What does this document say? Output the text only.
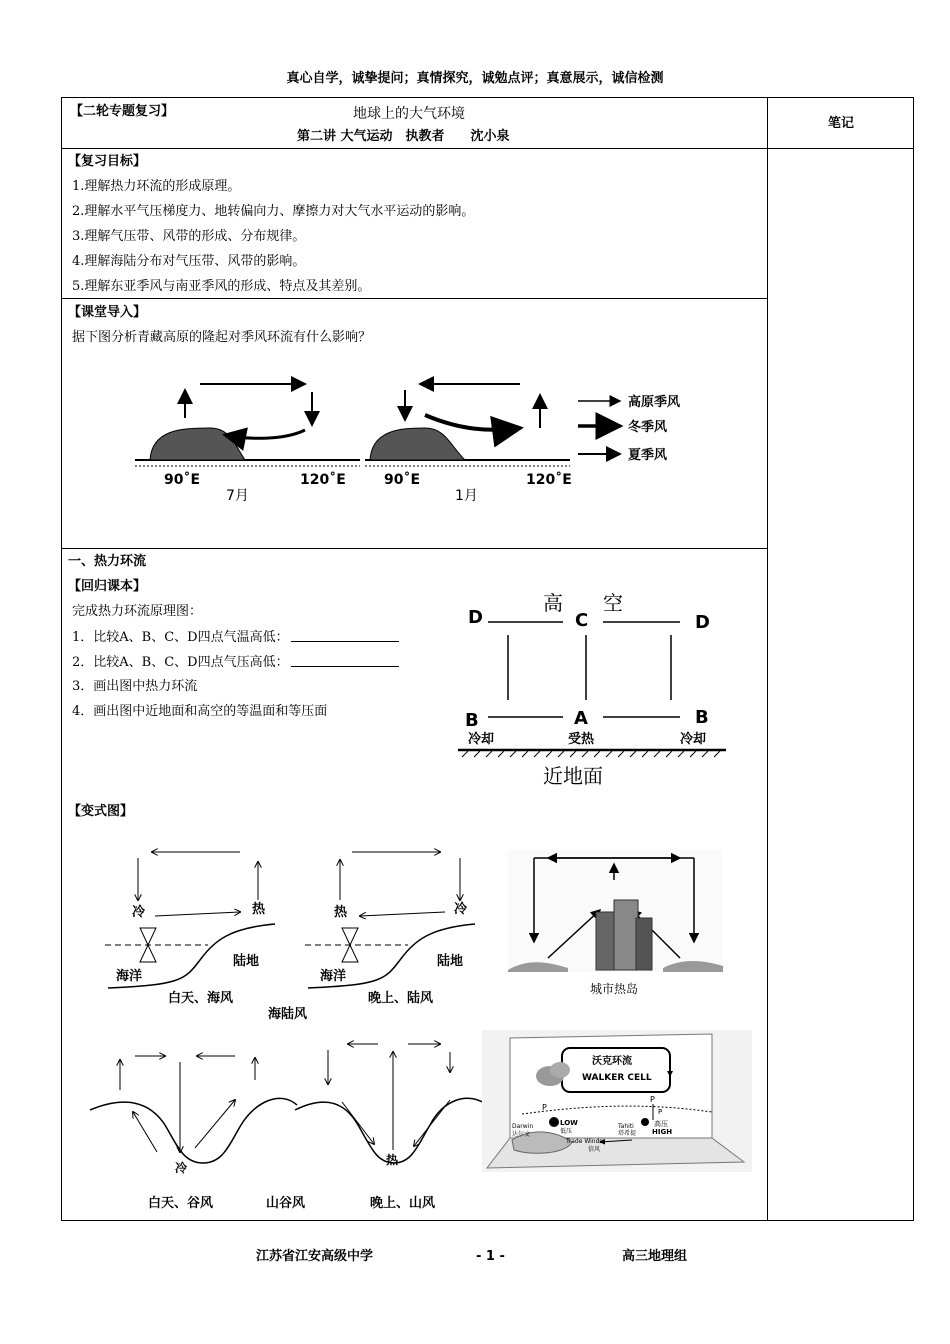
真心自学，诚挚提问；真情探究，诚勉点评；真意展示，诚信检测
【二轮专题复习】	地球上的大气环境
第二讲 大气运动　执教者　　沈小泉
笔记
【复习目标】
1.理解热力环流的形成原理。
2.理解水平气压梯度力、地转偏向力、摩擦力对大气水平运动的影响。
3.理解气压带、风带的形成、分布规律。
4.理解海陆分布对气压带、风带的影响。
5.理解东亚季风与南亚季风的形成、特点及其差别。
【课堂导入】
据下图分析青藏高原的隆起对季风环流有什么影响？
90˚E	120˚E
7月
90˚E	120˚E
1月
高原季风
冬季风
夏季风
一、热力环流
【回归课本】
完成热力环流原理图：
1．比较A、B、C、D四点气温高低：
2．比较A、B、C、D四点气压高低：
3．画出图中热力环流
4．画出图中近地面和高空的等温面和等压面
高　　空
D	C	D
B	A	B
冷却	受热	冷却
近地面
【变式图】
冷	热
海洋
陆地
白天、海风
热	冷
海洋
陆地
晚上、陆风
海陆风
城市热岛
冷
白天、谷风	山谷风
热
晚上、山风
沃克环流
WALKER CELL
P
P
P
Darwin
达尔文
LOW
低压
Trade Winds
信风
Tahiti
塔希提
高压
HIGH
江苏省江安高级中学	- 1 -	高三地理组
